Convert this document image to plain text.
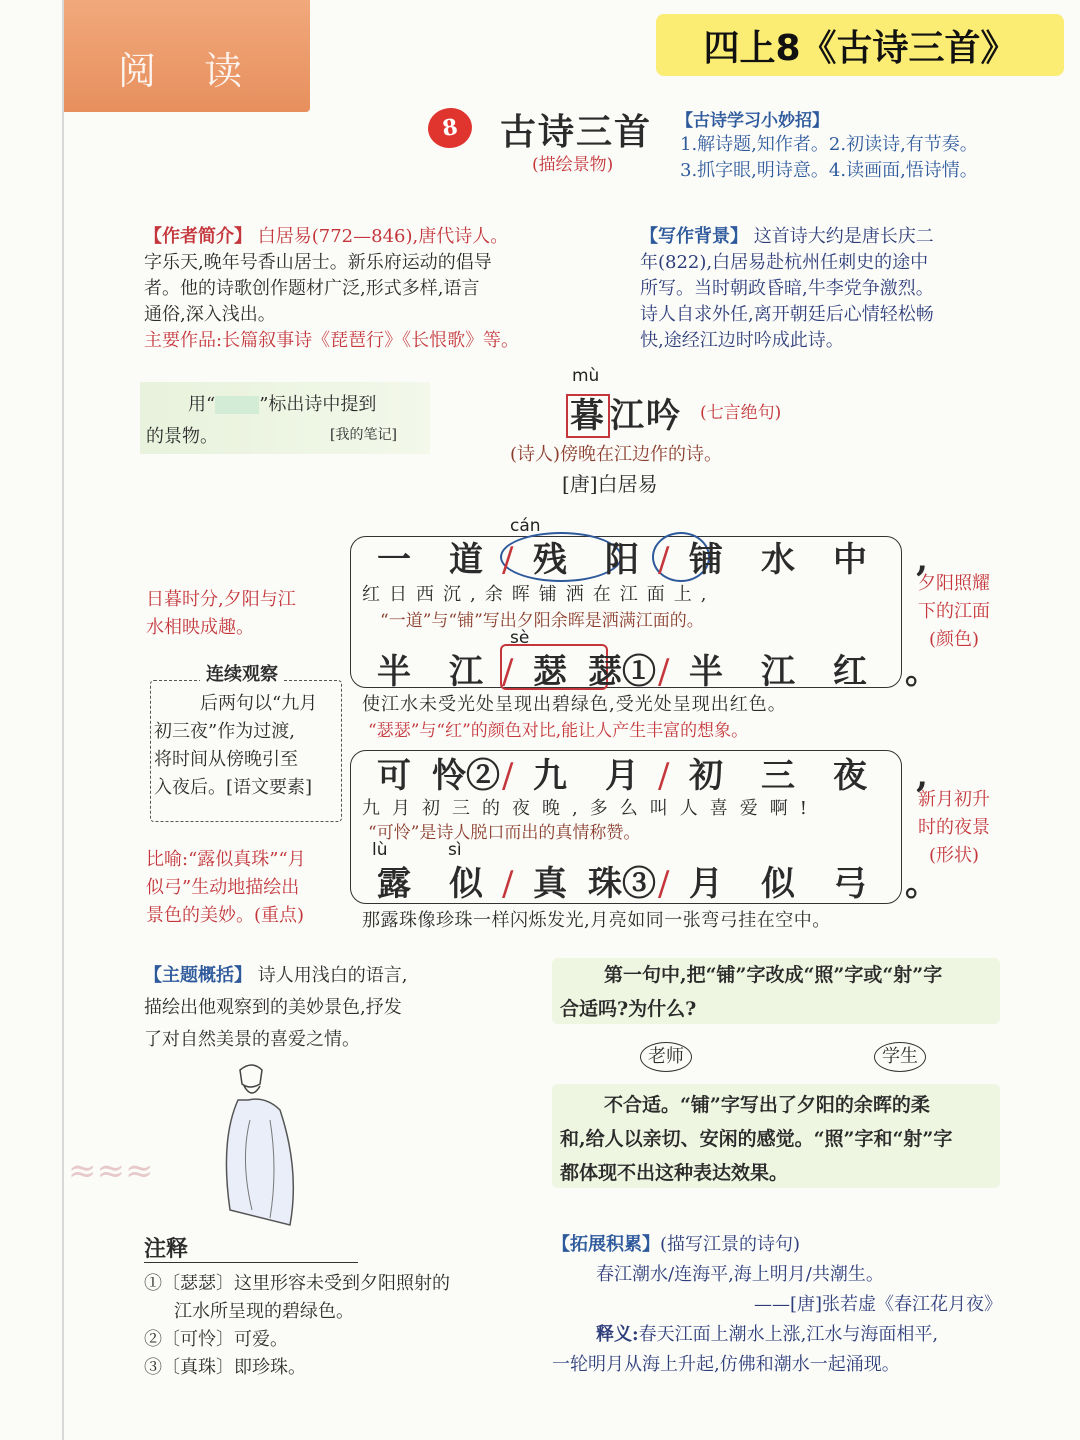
阅 读
四上8《古诗三首》
8	古诗三首
(描绘景物)
【古诗学习小妙招】
1.解诗题,知作者。2.初读诗,有节奏。
3.抓字眼,明诗意。4.读画面,悟诗情。
【作者简介】 白居易(772—846),唐代诗人。
字乐天,晚年号香山居士。新乐府运动的倡导
者。他的诗歌创作题材广泛,形式多样,语言
通俗,深入浅出。
主要作品:长篇叙事诗《琵琶行》《长恨歌》等。
【写作背景】 这首诗大约是唐长庆二
年(822),白居易赴杭州任刺史的途中
所写。当时朝政昏暗,牛李党争激烈。
诗人自求外任,离开朝廷后心情轻松畅
快,途经江边时吟成此诗。
用“ ”标出诗中提到
的景物。	[我的笔记]
mù
暮 江吟 (七言绝句)
(诗人)傍晚在江边作的诗。
[唐]白居易
cán
一 道 / 残 阳 / 铺 水 中 ,
红日西沉,余晖铺洒在江面上,
“一道”与“铺”写出夕阳余晖是洒满江面的。
sè
半 江 / 瑟 瑟①/ 半 江 红 。
使江水未受光处呈现出碧绿色,受光处呈现出红色。
“瑟瑟”与“红”的颜色对比,能让人产生丰富的想象。
可 怜②/ 九 月 / 初 三 夜 ,
九月初三的夜晚,多么叫人喜爱啊!
“可怜”是诗人脱口而出的真情称赞。
lù	sì
露 似 / 真 珠③/ 月 似 弓 。
那露珠像珍珠一样闪烁发光,月亮如同一张弯弓挂在空中。
日暮时分,夕阳与江
水相映成趣。
连续观察
后两句以“九月
初三夜”作为过渡,
将时间从傍晚引至
入夜后。[语文要素]
比喻:“露似真珠”“月
似弓”生动地描绘出
景色的美妙。(重点)
夕阳照耀
下的江面
(颜色)
新月初升
时的夜景
(形状)
【主题概括】 诗人用浅白的语言,
描绘出他观察到的美妙景色,抒发
了对自然美景的喜爱之情。
≈≈≈
第一句中,把“铺”字改成“照”字或“射”字
合适吗?为什么?
老师	学生
不合适。“铺”字写出了夕阳的余晖的柔
和,给人以亲切、安闲的感觉。“照”字和“射”字
都体现不出这种表达效果。
注释
①〔瑟瑟〕这里形容未受到夕阳照射的
江水所呈现的碧绿色。
②〔可怜〕可爱。
③〔真珠〕即珍珠。
【拓展积累】(描写江景的诗句)
春江潮水/连海平,海上明月/共潮生。
——[唐]张若虚《春江花月夜》
释义:春天江面上潮水上涨,江水与海面相平,
一轮明月从海上升起,仿佛和潮水一起涌现。
